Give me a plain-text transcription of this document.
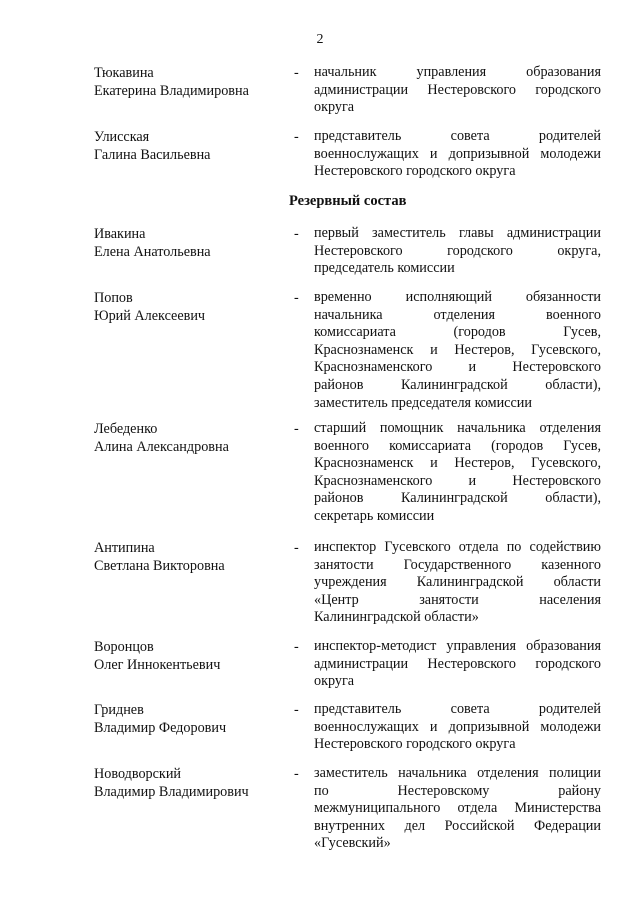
2
Резервный состав
Тюкавина
Екатерина Владимировна
- начальник управления образования
администрации Нестеровского городского
округа
Улисская
Галина Васильевна
- представитель совета родителей
военнослужащих и допризывной молодежи
Нестеровского городского округа
Ивакина
Елена Анатольевна
- первый заместитель главы администрации
Нестеровского городского округа,
председатель комиссии
Попов
Юрий Алексеевич
- временно исполняющий обязанности
начальника отделения военного
комиссариата (городов Гусев,
Краснознаменск и Нестеров, Гусевского,
Краснознаменского и Нестеровского
районов Калининградской области),
заместитель председателя комиссии
Лебеденко
Алина Александровна
- старший помощник начальника отделения
военного комиссариата (городов Гусев,
Краснознаменск и Нестеров, Гусевского,
Краснознаменского и Нестеровского
районов Калининградской области),
секретарь комиссии
Антипина
Светлана Викторовна
- инспектор Гусевского отдела по содействию
занятости Государственного казенного
учреждения Калининградской области
«Центр занятости населения
Калининградской области»
Воронцов
Олег Иннокентьевич
- инспектор-методист управления образования
администрации Нестеровского городского
округа
Гриднев
Владимир Федорович
- представитель совета родителей
военнослужащих и допризывной молодежи
Нестеровского городского округа
Новодворский
Владимир Владимирович
- заместитель начальника отделения полиции
по Нестеровскому району
межмуниципального отдела Министерства
внутренних дел Российской Федерации
«Гусевский»
